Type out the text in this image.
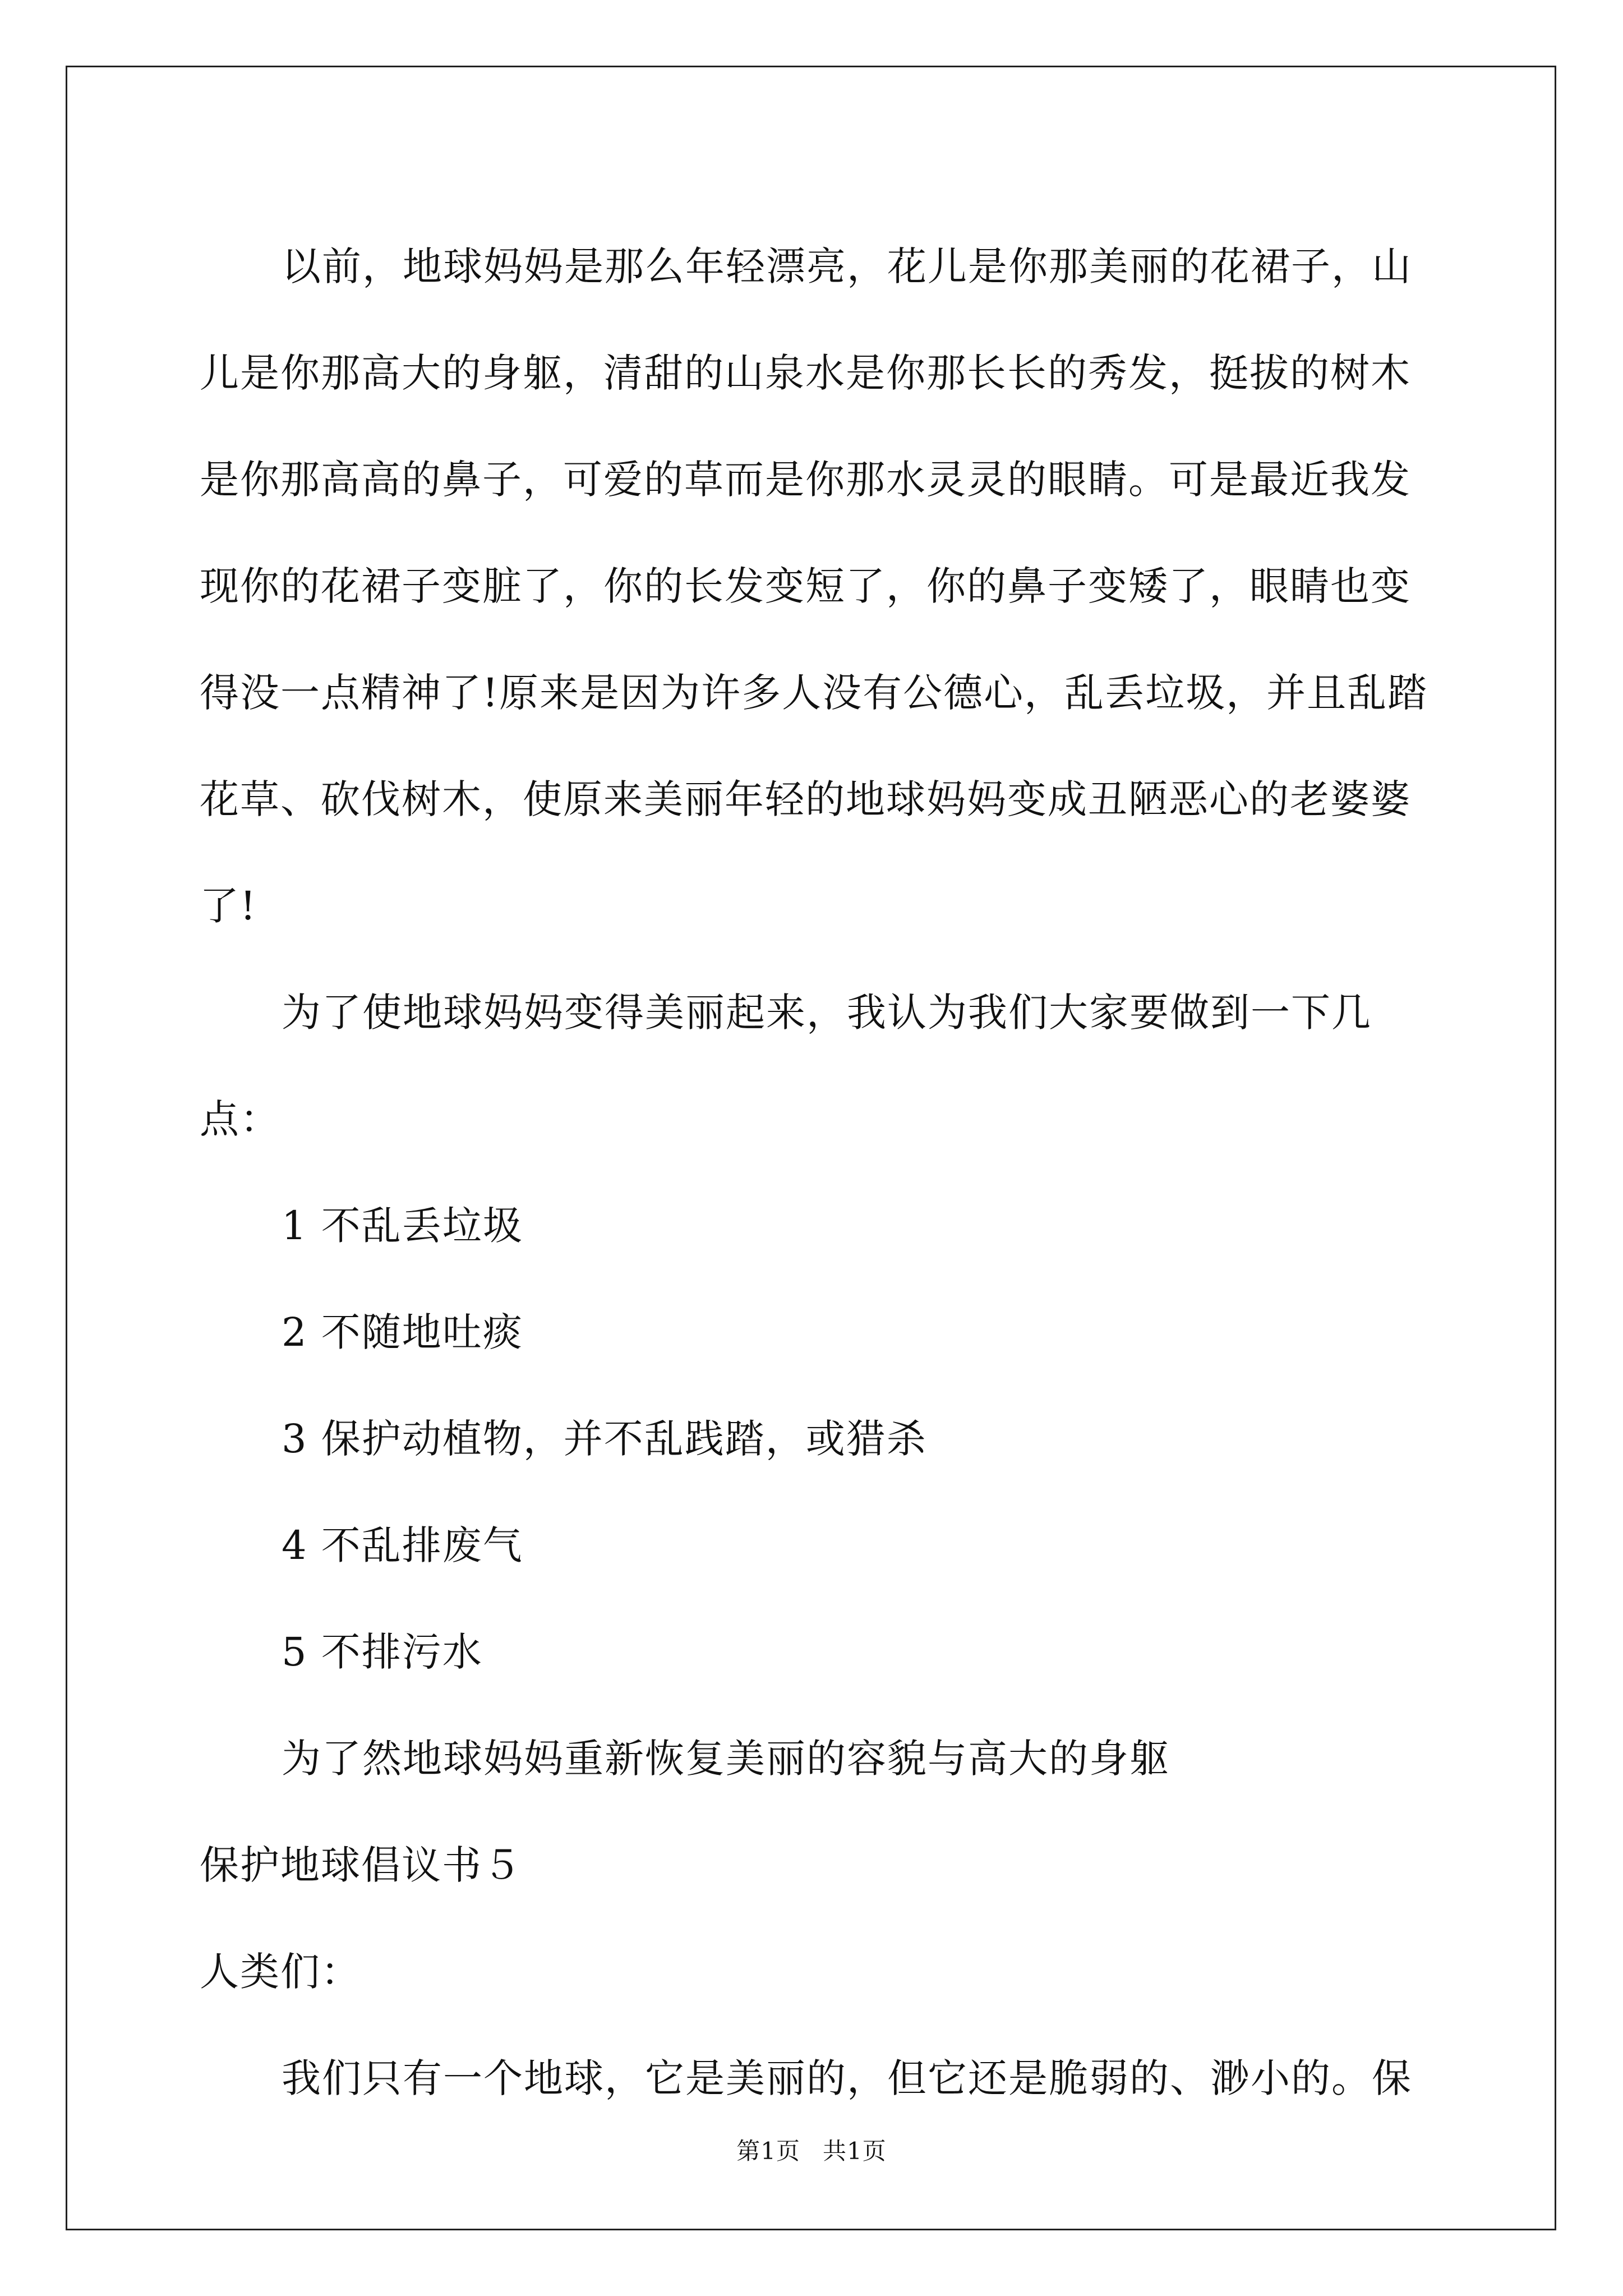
以前，地球妈妈是那么年轻漂亮，花儿是你那美丽的花裙子，山儿是你那高大的身躯，清甜的山泉水是你那长长的秀发，挺拔的树木是你那高高的鼻子，可爱的草而是你那水灵灵的眼睛。可是最近我发现你的花裙子变脏了，你的长发变短了，你的鼻子变矮了，眼睛也变得没一点精神了!原来是因为许多人没有公德心，乱丢垃圾，并且乱踏花草、砍伐树木，使原来美丽年轻的地球妈妈变成丑陋恶心的老婆婆了!

为了使地球妈妈变得美丽起来，我认为我们大家要做到一下几点：

1 不乱丢垃圾

2 不随地吐痰

3 保护动植物，并不乱践踏，或猎杀

4 不乱排废气

5 不排污水

为了然地球妈妈重新恢复美丽的容貌与高大的身躯

保护地球倡议书５

人类们：

我们只有一个地球，它是美丽的，但它还是脆弱的、渺小的。保

第1页 共1页
